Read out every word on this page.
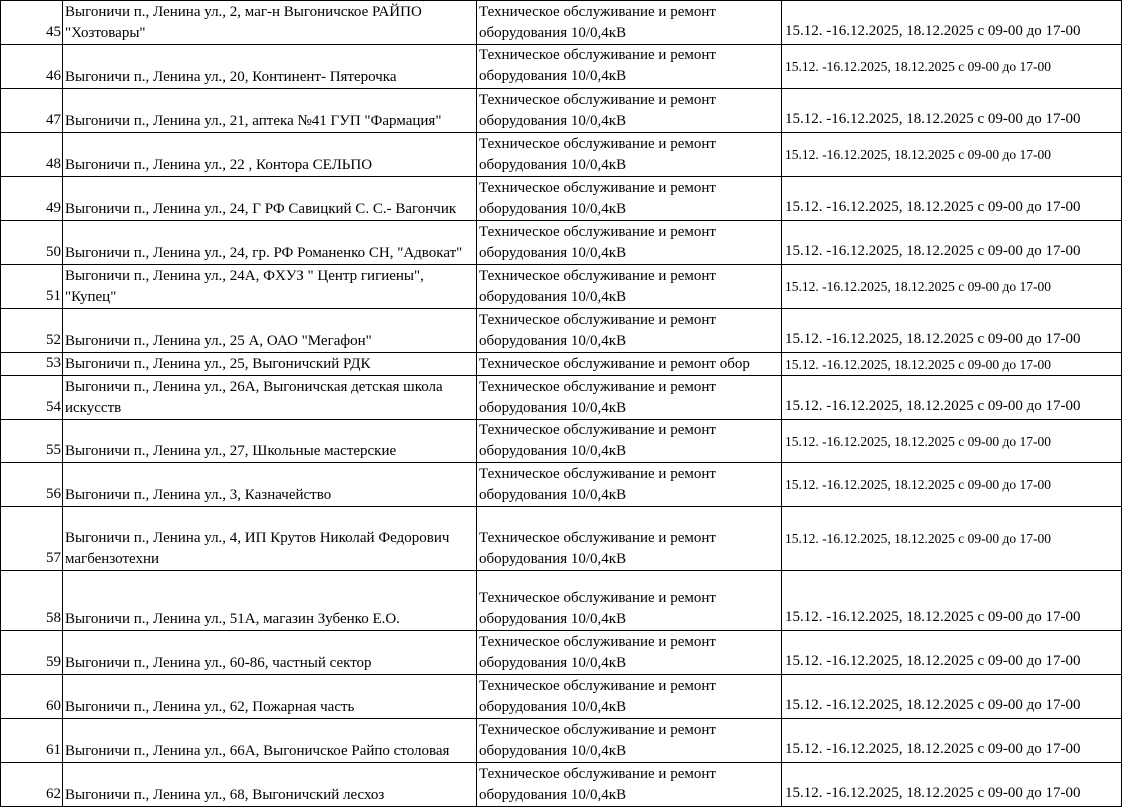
45	Выгоничи п., Ленина ул., 2, маг-н Выгоничское РАЙПО "Хозтовары"	Техническое обслуживание и ремонт оборудования 10/0,4кВ	15.12. -16.12.2025, 18.12.2025 с 09-00 до 17-00
46	Выгоничи п., Ленина ул., 20, Континент- Пятерочка	Техническое обслуживание и ремонт оборудования 10/0,4кВ	15.12. -16.12.2025, 18.12.2025 с 09-00 до 17-00
47	Выгоничи п., Ленина ул., 21, аптека №41 ГУП "Фармация"	Техническое обслуживание и ремонт оборудования 10/0,4кВ	15.12. -16.12.2025, 18.12.2025 с 09-00 до 17-00
48	Выгоничи п., Ленина ул., 22 , Контора СЕЛЬПО	Техническое обслуживание и ремонт оборудования 10/0,4кВ	15.12. -16.12.2025, 18.12.2025 с 09-00 до 17-00
49	Выгоничи п., Ленина ул., 24, Г РФ Савицкий С. С.- Вагончик	Техническое обслуживание и ремонт оборудования 10/0,4кВ	15.12. -16.12.2025, 18.12.2025 с 09-00 до 17-00
50	Выгоничи п., Ленина ул., 24, гр. РФ Романенко СН, "Адвокат"	Техническое обслуживание и ремонт оборудования 10/0,4кВ	15.12. -16.12.2025, 18.12.2025 с 09-00 до 17-00
51	Выгоничи п., Ленина ул., 24А, ФХУЗ " Центр гигиены", "Купец"	Техническое обслуживание и ремонт оборудования 10/0,4кВ	15.12. -16.12.2025, 18.12.2025 с 09-00 до 17-00
52	Выгоничи п., Ленина ул., 25 А, ОАО "Мегафон"	Техническое обслуживание и ремонт оборудования 10/0,4кВ	15.12. -16.12.2025, 18.12.2025 с 09-00 до 17-00
53	Выгоничи п., Ленина ул., 25, Выгоничский РДК	Техническое обслуживание и ремонт обор	15.12. -16.12.2025, 18.12.2025 с 09-00 до 17-00
54	Выгоничи п., Ленина ул., 26А, Выгоничская детская школа искусств	Техническое обслуживание и ремонт оборудования 10/0,4кВ	15.12. -16.12.2025, 18.12.2025 с 09-00 до 17-00
55	Выгоничи п., Ленина ул., 27, Школьные мастерские	Техническое обслуживание и ремонт оборудования 10/0,4кВ	15.12. -16.12.2025, 18.12.2025 с 09-00 до 17-00
56	Выгоничи п., Ленина ул., 3, Казначейство	Техническое обслуживание и ремонт оборудования 10/0,4кВ	15.12. -16.12.2025, 18.12.2025 с 09-00 до 17-00
57	Выгоничи п., Ленина ул., 4, ИП Крутов Николай Федорович магбензотехни	Техническое обслуживание и ремонт оборудования 10/0,4кВ	15.12. -16.12.2025, 18.12.2025 с 09-00 до 17-00
58	Выгоничи п., Ленина ул., 51А, магазин Зубенко Е.О.	Техническое обслуживание и ремонт оборудования 10/0,4кВ	15.12. -16.12.2025, 18.12.2025 с 09-00 до 17-00
59	Выгоничи п., Ленина ул., 60-86, частный сектор	Техническое обслуживание и ремонт оборудования 10/0,4кВ	15.12. -16.12.2025, 18.12.2025 с 09-00 до 17-00
60	Выгоничи п., Ленина ул., 62, Пожарная часть	Техническое обслуживание и ремонт оборудования 10/0,4кВ	15.12. -16.12.2025, 18.12.2025 с 09-00 до 17-00
61	Выгоничи п., Ленина ул., 66А, Выгоничское Райпо столовая	Техническое обслуживание и ремонт оборудования 10/0,4кВ	15.12. -16.12.2025, 18.12.2025 с 09-00 до 17-00
62	Выгоничи п., Ленина ул., 68, Выгоничский лесхоз	Техническое обслуживание и ремонт оборудования 10/0,4кВ	15.12. -16.12.2025, 18.12.2025 с 09-00 до 17-00
